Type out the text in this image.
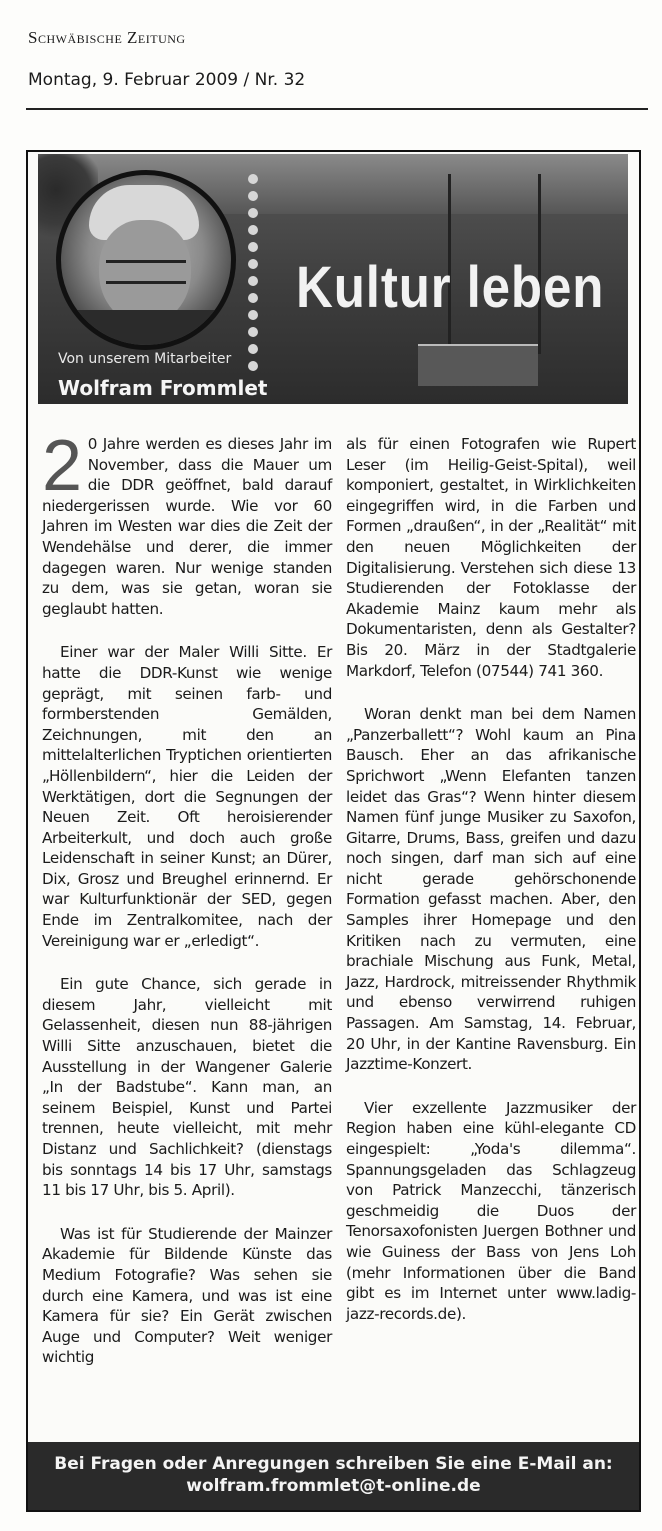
Schwäbische Zeitung
Montag, 9. Februar 2009 / Nr. 32
Kultur leben
Von unserem Mitarbeiter
Wolfram Frommlet

2 0 Jahre werden es dieses Jahr im November, dass die Mauer um die DDR geöffnet, bald darauf niedergerissen wurde. Wie vor 60 Jahren im Westen war dies die Zeit der Wendehälse und derer, die immer dagegen waren. Nur wenige standen zu dem, was sie getan, woran sie geglaubt hatten.

Einer war der Maler Willi Sitte. Er hatte die DDR-Kunst wie wenige geprägt, mit seinen farb- und formberstenden Gemälden, Zeichnungen, mit den an mittelalterlichen Tryptichen orientierten „Höllenbildern“, hier die Leiden der Werktätigen, dort die Segnungen der Neuen Zeit. Oft heroisierender Arbeiterkult, und doch auch große Leidenschaft in seiner Kunst; an Dürer, Dix, Grosz und Breughel erinnernd. Er war Kulturfunktionär der SED, gegen Ende im Zentralkomitee, nach der Vereinigung war er „erledigt“.

Ein gute Chance, sich gerade in diesem Jahr, vielleicht mit Gelassenheit, diesen nun 88-jährigen Willi Sitte anzuschauen, bietet die Ausstellung in der Wangener Galerie „In der Badstube“. Kann man, an seinem Beispiel, Kunst und Partei trennen, heute vielleicht, mit mehr Distanz und Sachlichkeit? (dienstags bis sonntags 14 bis 17 Uhr, samstags 11 bis 17 Uhr, bis 5. April).

Was ist für Studierende der Mainzer Akademie für Bildende Künste das Medium Fotografie? Was sehen sie durch eine Kamera, und was ist eine Kamera für sie? Ein Gerät zwischen Auge und Computer? Weit weniger wichtig

als für einen Fotografen wie Rupert Leser (im Heilig-Geist-Spital), weil komponiert, gestaltet, in Wirklichkeiten eingegriffen wird, in die Farben und Formen „draußen“, in der „Realität“ mit den neuen Möglichkeiten der Digitalisierung. Verstehen sich diese 13 Studierenden der Fotoklasse der Akademie Mainz kaum mehr als Dokumentaristen, denn als Gestalter? Bis 20. März in der Stadtgalerie Markdorf, Telefon (07544) 741 360.

Woran denkt man bei dem Namen „Panzerballett“? Wohl kaum an Pina Bausch. Eher an das afrikanische Sprichwort „Wenn Elefanten tanzen leidet das Gras“? Wenn hinter diesem Namen fünf junge Musiker zu Saxofon, Gitarre, Drums, Bass, greifen und dazu noch singen, darf man sich auf eine nicht gerade gehörschonende Formation gefasst machen. Aber, den Samples ihrer Homepage und den Kritiken nach zu vermuten, eine brachiale Mischung aus Funk, Metal, Jazz, Hardrock, mitreissender Rhythmik und ebenso verwirrend ruhigen Passagen. Am Samstag, 14. Februar, 20 Uhr, in der Kantine Ravensburg. Ein Jazztime-Konzert.

Vier exzellente Jazzmusiker der Region haben eine kühl-elegante CD eingespielt: „Yoda's dilemma“. Spannungsgeladen das Schlagzeug von Patrick Manzecchi, tänzerisch geschmeidig die Duos der Tenorsaxofonisten Juergen Bothner und wie Guiness der Bass von Jens Loh (mehr Informationen über die Band gibt es im Internet unter www.ladig-jazz-records.de).

Bei Fragen oder Anregungen schreiben Sie eine E-Mail an:
wolfram.frommlet@t-online.de
